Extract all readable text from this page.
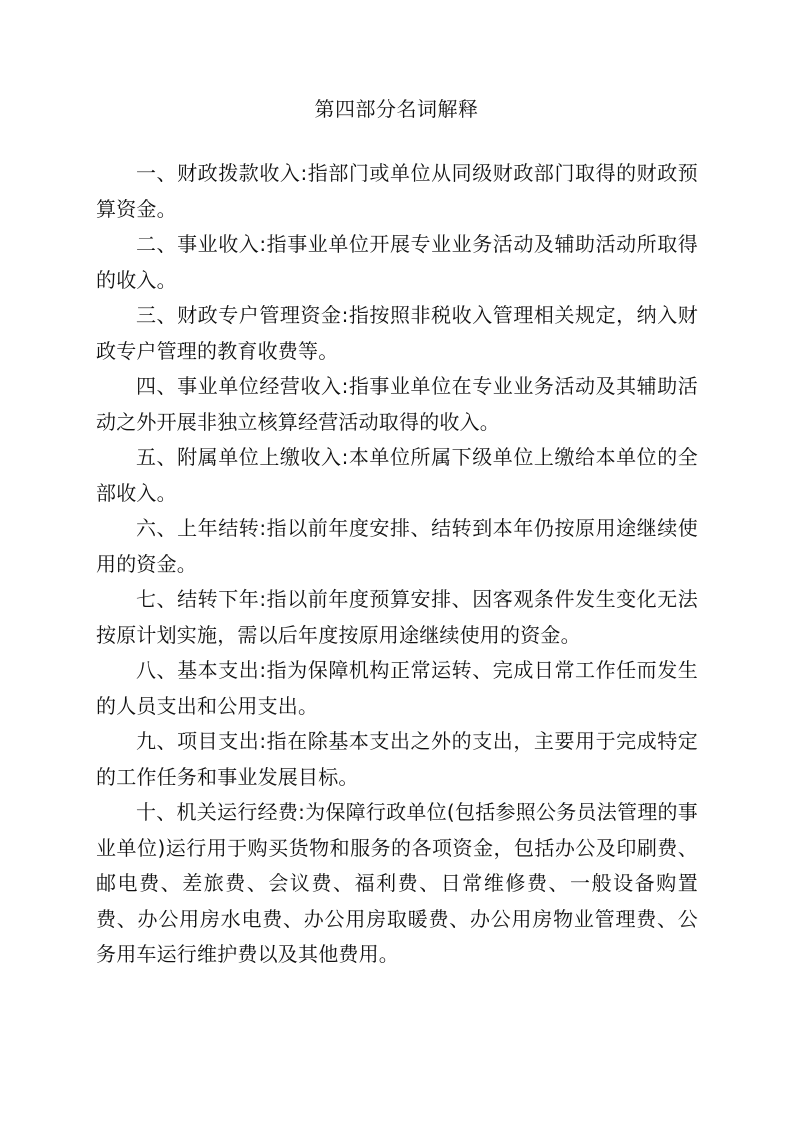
第四部分名词解释

一、财政拨款收入:指部门或单位从同级财政部门取得的财政预算资金。

二、事业收入:指事业单位开展专业业务活动及辅助活动所取得的收入。

三、财政专户管理资金:指按照非税收入管理相关规定，纳入财政专户管理的教育收费等。

四、事业单位经营收入:指事业单位在专业业务活动及其辅助活动之外开展非独立核算经营活动取得的收入。

五、附属单位上缴收入:本单位所属下级单位上缴给本单位的全部收入。

六、上年结转:指以前年度安排、结转到本年仍按原用途继续使用的资金。

七、结转下年:指以前年度预算安排、因客观条件发生变化无法按原计划实施，需以后年度按原用途继续使用的资金。

八、基本支出:指为保障机构正常运转、完成日常工作任而发生的人员支出和公用支出。

九、项目支出:指在除基本支出之外的支出，主要用于完成特定的工作任务和事业发展目标。

十、机关运行经费:为保障行政单位(包括参照公务员法管理的事业单位)运行用于购买货物和服务的各项资金，包括办公及印刷费、邮电费、差旅费、会议费、福利费、日常维修费、一般设备购置费、办公用房水电费、办公用房取暖费、办公用房物业管理费、公务用车运行维护费以及其他费用。
